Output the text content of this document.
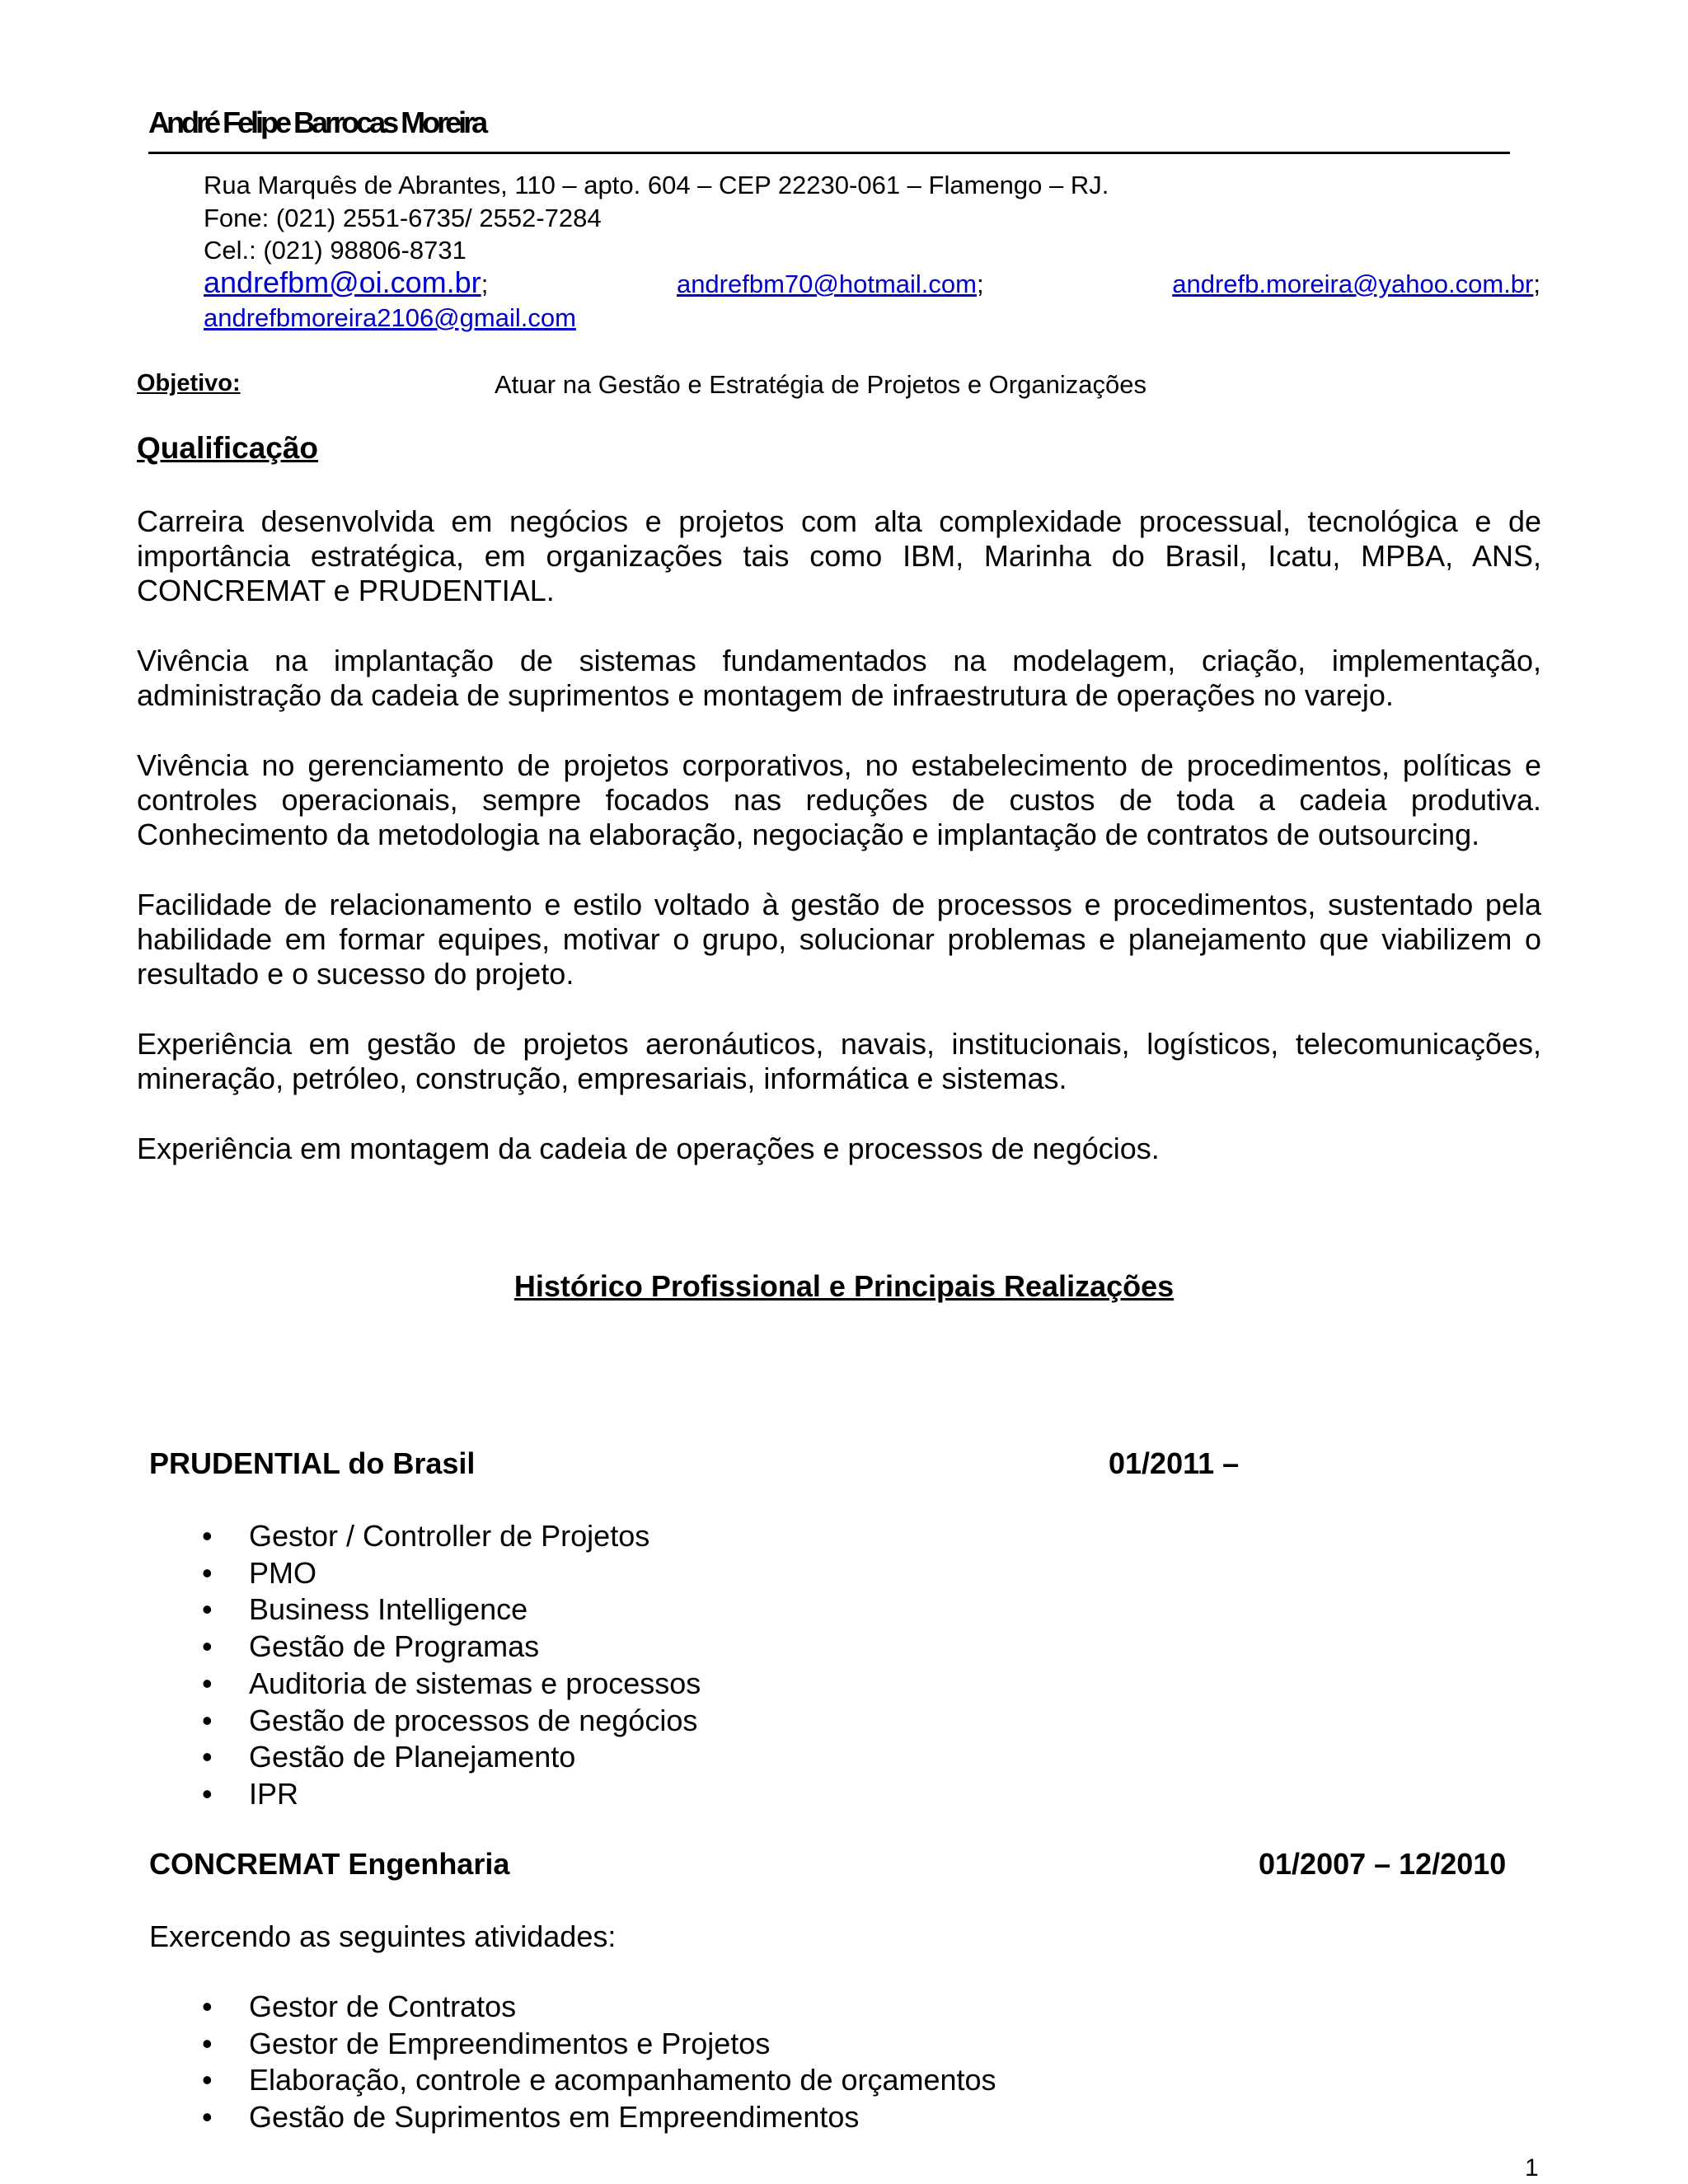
André Felipe Barrocas Moreira
Rua Marquês de Abrantes, 110 – apto. 604 – CEP 22230-061 – Flamengo – RJ.
Fone: (021) 2551-6735/ 2552-7284
Cel.: (021) 98806-8731
andrefbm@oi.com.br;	andrefbm70@hotmail.com;	andrefb.moreira@yahoo.com.br;
andrefbmoreira2106@gmail.com
Objetivo:	Atuar na Gestão e Estratégia de Projetos e Organizações
Qualificação

Carreira desenvolvida em negócios e projetos com alta complexidade processual, tecnológica e de importância estratégica, em organizações tais como IBM, Marinha do Brasil, Icatu, MPBA, ANS, CONCREMAT e PRUDENTIAL.

Vivência na implantação de sistemas fundamentados na modelagem, criação, implementação, administração da cadeia de suprimentos e montagem de infraestrutura de operações no varejo.

Vivência no gerenciamento de projetos corporativos, no estabelecimento de procedimentos, políticas e controles operacionais, sempre focados nas reduções de custos de toda a cadeia produtiva. Conhecimento da metodologia na elaboração, negociação e implantação de contratos de outsourcing.

Facilidade de relacionamento e estilo voltado à gestão de processos e procedimentos, sustentado pela habilidade em formar equipes, motivar o grupo, solucionar problemas e planejamento que viabilizem o resultado e o sucesso do projeto.

Experiência em gestão de projetos aeronáuticos, navais, institucionais, logísticos, telecomunicações, mineração, petróleo, construção, empresariais, informática e sistemas.

Experiência em montagem da cadeia de operações e processos de negócios.

Histórico Profissional e Principais Realizações
PRUDENTIAL do Brasil	01/2011 –
• Gestor / Controller de Projetos
• PMO
• Business Intelligence
• Gestão de Programas
• Auditoria de sistemas e processos
• Gestão de processos de negócios
• Gestão de Planejamento
• IPR
CONCREMAT Engenharia	01/2007 – 12/2010
Exercendo as seguintes atividades:
• Gestor de Contratos
• Gestor de Empreendimentos e Projetos
• Elaboração, controle e acompanhamento de orçamentos
• Gestão de Suprimentos em Empreendimentos
1
